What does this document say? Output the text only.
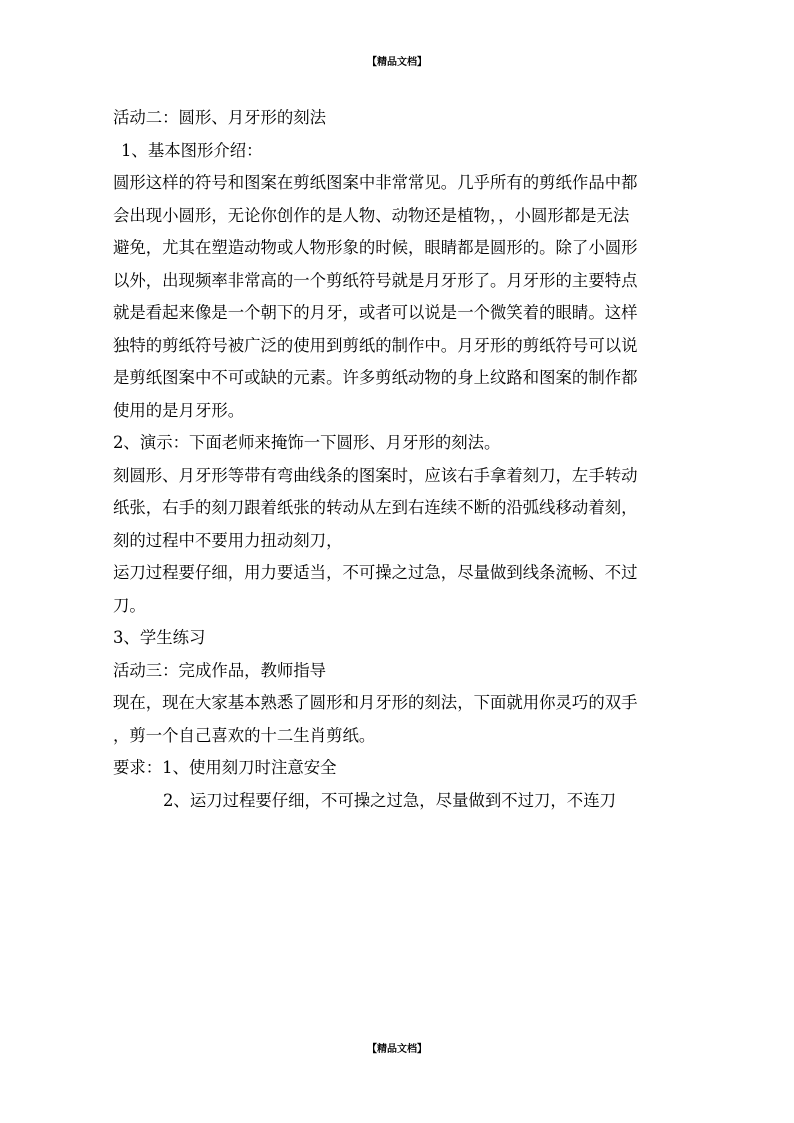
【精品文档】
活动二：圆形、月牙形的刻法
1、基本图形介绍：
圆形这样的符号和图案在剪纸图案中非常常见。几乎所有的剪纸作品中都
会出现小圆形，无论你创作的是人物、动物还是植物，，小圆形都是无法
避免，尤其在塑造动物或人物形象的时候，眼睛都是圆形的。除了小圆形
以外，出现频率非常高的一个剪纸符号就是月牙形了。月牙形的主要特点
就是看起来像是一个朝下的月牙，或者可以说是一个微笑着的眼睛。这样
独特的剪纸符号被广泛的使用到剪纸的制作中。月牙形的剪纸符号可以说
是剪纸图案中不可或缺的元素。许多剪纸动物的身上纹路和图案的制作都
使用的是月牙形。
2、演示：下面老师来掩饰一下圆形、月牙形的刻法。
刻圆形、月牙形等带有弯曲线条的图案时，应该右手拿着刻刀，左手转动
纸张，右手的刻刀跟着纸张的转动从左到右连续不断的沿弧线移动着刻，
刻的过程中不要用力扭动刻刀，
运刀过程要仔细，用力要适当，不可操之过急，尽量做到线条流畅、不过
刀。
3、学生练习
活动三：完成作品，教师指导
现在，现在大家基本熟悉了圆形和月牙形的刻法，下面就用你灵巧的双手
，剪一个自己喜欢的十二生肖剪纸。
要求：1、使用刻刀时注意安全
2、运刀过程要仔细，不可操之过急，尽量做到不过刀，不连刀
【精品文档】
